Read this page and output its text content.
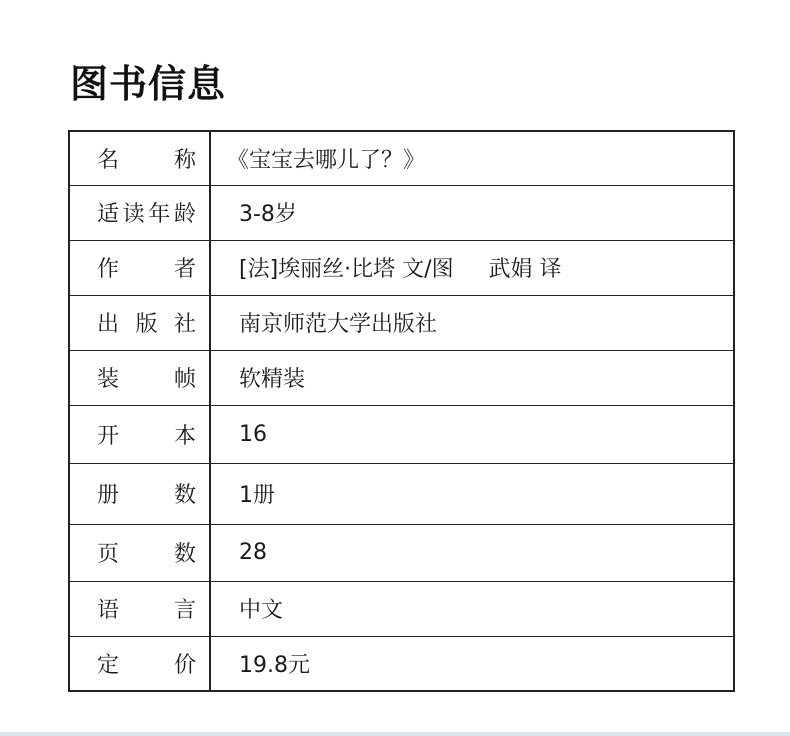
图书信息
名 称	《宝宝去哪儿了？》

适 读 年 龄	3-8岁

作 者	[法]埃丽丝·比塔 文/图     武娟 译

出 版 社	南京师范大学出版社

装 帧	软精装

开 本	16

册 数	1册

页 数	28

语 言	中文

定 价	19.8元
